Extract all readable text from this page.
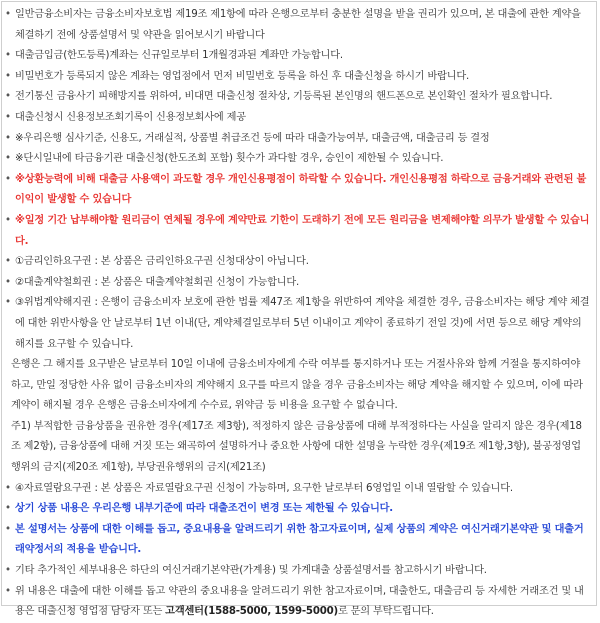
• 일반금융소비자는 금융소비자보호법 제19조 제1항에 따라 은행으로부터 충분한 설명을 받을 권리가 있으며, 본 대출에 관한 계약을 체결하기 전에 상품설명서 및 약관을 읽어보시기 바랍니다
• 대출금입금(한도등록)계좌는 신규일로부터 1개월경과된 계좌만 가능합니다.
• 비밀번호가 등록되지 않은 계좌는 영업점에서 먼저 비밀번호 등록을 하신 후 대출신청을 하시기 바랍니다.
• 전기통신 금융사기 피해방지를 위하여, 비대면 대출신청 절차상, 기등록된 본인명의 핸드폰으로 본인확인 절차가 필요합니다.
• 대출신청시 신용정보조회기록이 신용정보회사에 제공
• ※우리은행 심사기준, 신용도, 거래실적, 상품별 취급조건 등에 따라 대출가능여부, 대출금액, 대출금리 등 결정
• ※단시일내에 타금융기관 대출신청(한도조회 포함) 횟수가 과다할 경우, 승인이 제한될 수 있습니다.
• ※상환능력에 비해 대출금 사용액이 과도할 경우 개인신용평점이 하락할 수 있습니다. 개인신용평점 하락으로 금융거래와 관련된 불이익이 발생할 수 있습니다
• ※일정 기간 납부해야할 원리금이 연체될 경우에 계약만료 기한이 도래하기 전에 모든 원리금을 변제해야할 의무가 발생할 수 있습니다.
• ①금리인하요구권 : 본 상품은 금리인하요구권 신청대상이 아닙니다.
• ②대출계약철회권 : 본 상품은 대출계약철회권 신청이 가능합니다.
• ③위법계약해지권 : 은행이 금융소비자 보호에 관한 법률 제47조 제1항을 위반하여 계약을 체결한 경우, 금융소비자는 해당 계약 체결에 대한 위반사항을 안 날로부터 1년 이내(단, 계약체결일로부터 5년 이내이고 계약이 종료하기 전일 것)에 서면 등으로 해당 계약의 해지를 요구할 수 있습니다.
은행은 그 해지를 요구받은 날로부터 10일 이내에 금융소비자에게 수락 여부를 통지하거나 또는 거절사유와 함께 거절을 통지하여야 하고, 만일 정당한 사유 없이 금융소비자의 계약해지 요구를 따르지 않을 경우 금융소비자는 해당 계약을 해지할 수 있으며, 이에 따라 계약이 해지될 경우 은행은 금융소비자에게 수수료, 위약금 등 비용을 요구할 수 없습니다.
주1) 부적합한 금융상품을 권유한 경우(제17조 제3항), 적정하지 않은 금융상품에 대해 부적정하다는 사실을 알리지 않은 경우(제18조 제2항), 금융상품에 대해 거짓 또는 왜곡하여 설명하거나 중요한 사항에 대한 설명을 누락한 경우(제19조 제1항,3항), 불공정영업행위의 금지(제20조 제1항), 부당권유행위의 금지(제21조)
• ④자료열람요구권 : 본 상품은 자료열람요구권 신청이 가능하며, 요구한 날로부터 6영업일 이내 열람할 수 있습니다.
• 상기 상품 내용은 우리은행 내부기준에 따라 대출조건이 변경 또는 제한될 수 있습니다.
• 본 설명서는 상품에 대한 이해를 돕고, 중요내용을 알려드리기 위한 참고자료이며, 실제 상품의 계약은 여신거래기본약관 및 대출거래약정서의 적용을 받습니다.
• 기타 추가적인 세부내용은 하단의 여신거래기본약관(가계용) 및 가계대출 상품설명서를 참고하시기 바랍니다.
• 위 내용은 대출에 대한 이해를 돕고 약관의 중요내용을 알려드리기 위한 참고자료이며, 대출한도, 대출금리 등 자세한 거래조건 및 내용은 대출신청 영업점 담당자 또는 고객센터(1588-5000, 1599-5000)로 문의 부탁드립니다.
